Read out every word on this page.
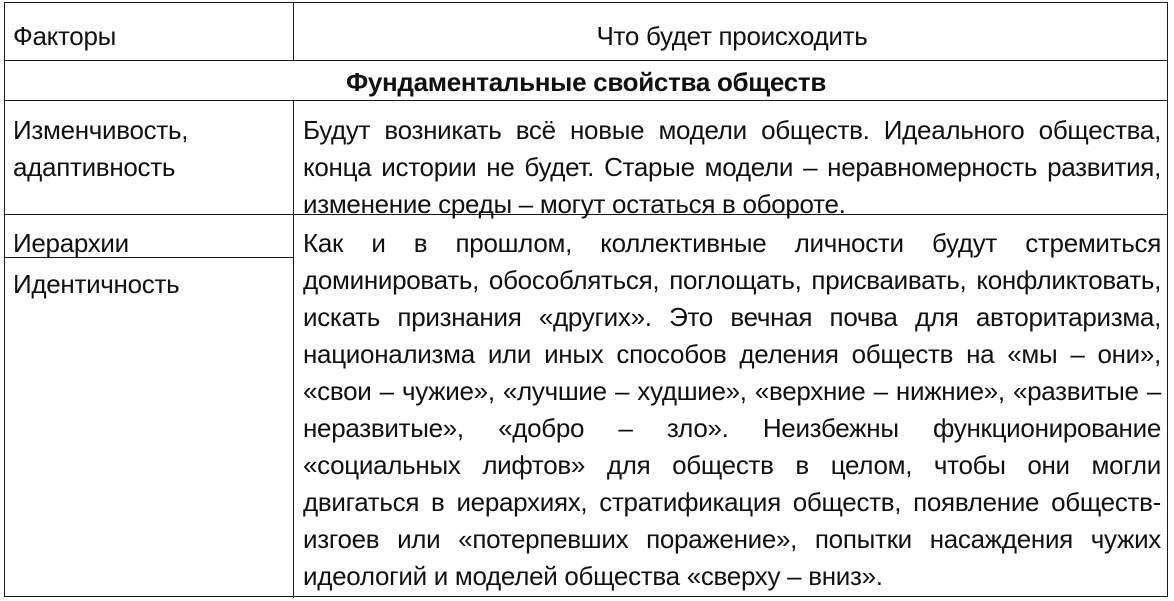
Факторы	Что будет происходить
Фундаментальные свойства обществ
Изменчивость,
адаптивность
Будут возникать всё новые модели обществ. Идеального общества, конца истории не будет. Старые модели – неравномерность развития, изменение среды – могут остаться в обороте.
Иерархии
Идентичность
Как и в прошлом, коллективные личности будут стремиться доминировать, обособляться, поглощать, присваивать, конфликтовать, искать признания «других». Это вечная почва для авторитаризма, национализма или иных способов деления обществ на «мы – они», «свои – чужие», «лучшие – худшие», «верхние – нижние», «развитые – неразвитые», «добро – зло». Неизбежны функционирование «социальных лифтов» для обществ в целом, чтобы они могли двигаться в иерархиях, стратификация обществ, появление обществ-изгоев или «потерпевших поражение», попытки насаждения чужих идеологий и моделей общества «сверху – вниз».
